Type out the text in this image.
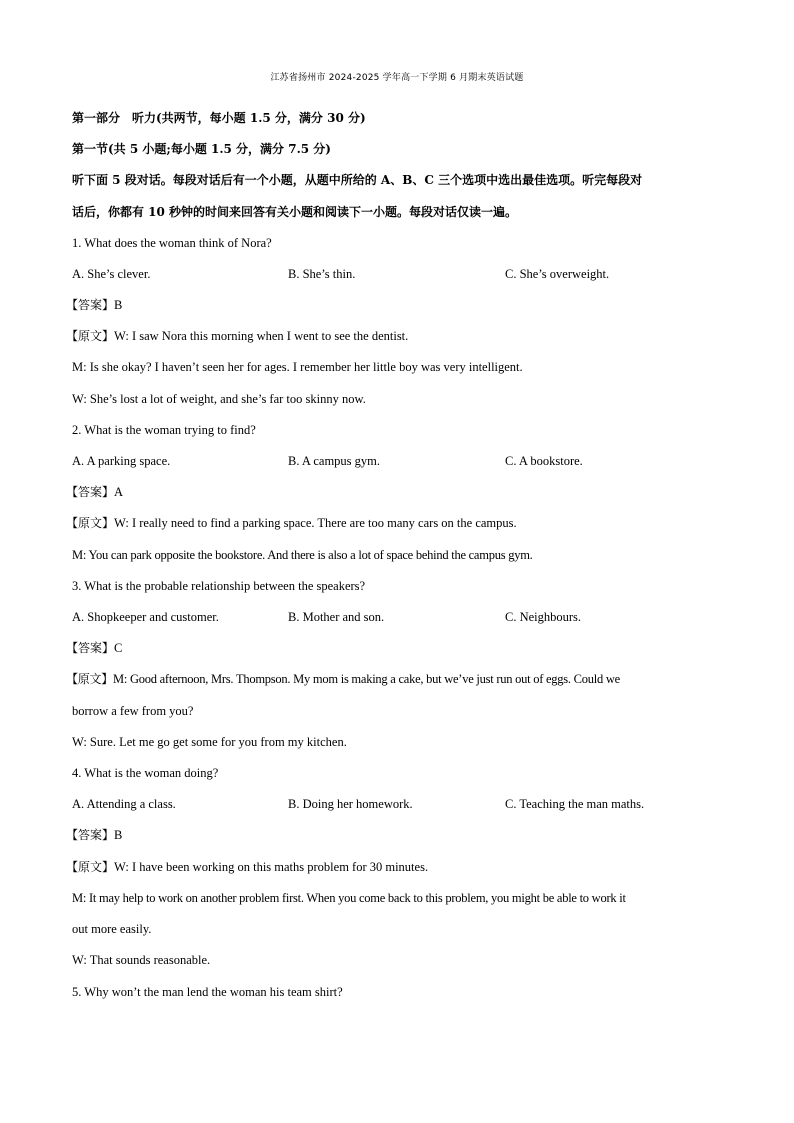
江苏省扬州市 2024-2025 学年高一下学期 6 月期末英语试题
第一部分　听力(共两节，每小题 1.5 分，满分 30 分)
第一节(共 5 小题;每小题 1.5 分，满分 7.5 分)
听下面 5 段对话。每段对话后有一个小题，从题中所给的 A、B、C 三个选项中选出最佳选项。听完每段对
话后，你都有 10 秒钟的时间来回答有关小题和阅读下一小题。每段对话仅读一遍。
1. What does the woman think of Nora?
A. She’s clever.	B. She’s thin.	C. She’s overweight.
【答案】B
【原文】W: I saw Nora this morning when I went to see the dentist.
M: Is she okay? I haven’t seen her for ages. I remember her little boy was very intelligent.
W: She’s lost a lot of weight, and she’s far too skinny now.
2. What is the woman trying to find?
A. A parking space.	B. A campus gym.	C. A bookstore.
【答案】A
【原文】W: I really need to find a parking space. There are too many cars on the campus.
M: You can park opposite the bookstore. And there is also a lot of space behind the campus gym.
3. What is the probable relationship between the speakers?
A. Shopkeeper and customer.	B. Mother and son.	C. Neighbours.
【答案】C
【原文】M: Good afternoon, Mrs. Thompson. My mom is making a cake, but we’ve just run out of eggs. Could we
borrow a few from you?
W: Sure. Let me go get some for you from my kitchen.
4. What is the woman doing?
A. Attending a class.	B. Doing her homework.	C. Teaching the man maths.
【答案】B
【原文】W: I have been working on this maths problem for 30 minutes.
M: It may help to work on another problem first. When you come back to this problem, you might be able to work it
out more easily.
W: That sounds reasonable.
5. Why won’t the man lend the woman his team shirt?
